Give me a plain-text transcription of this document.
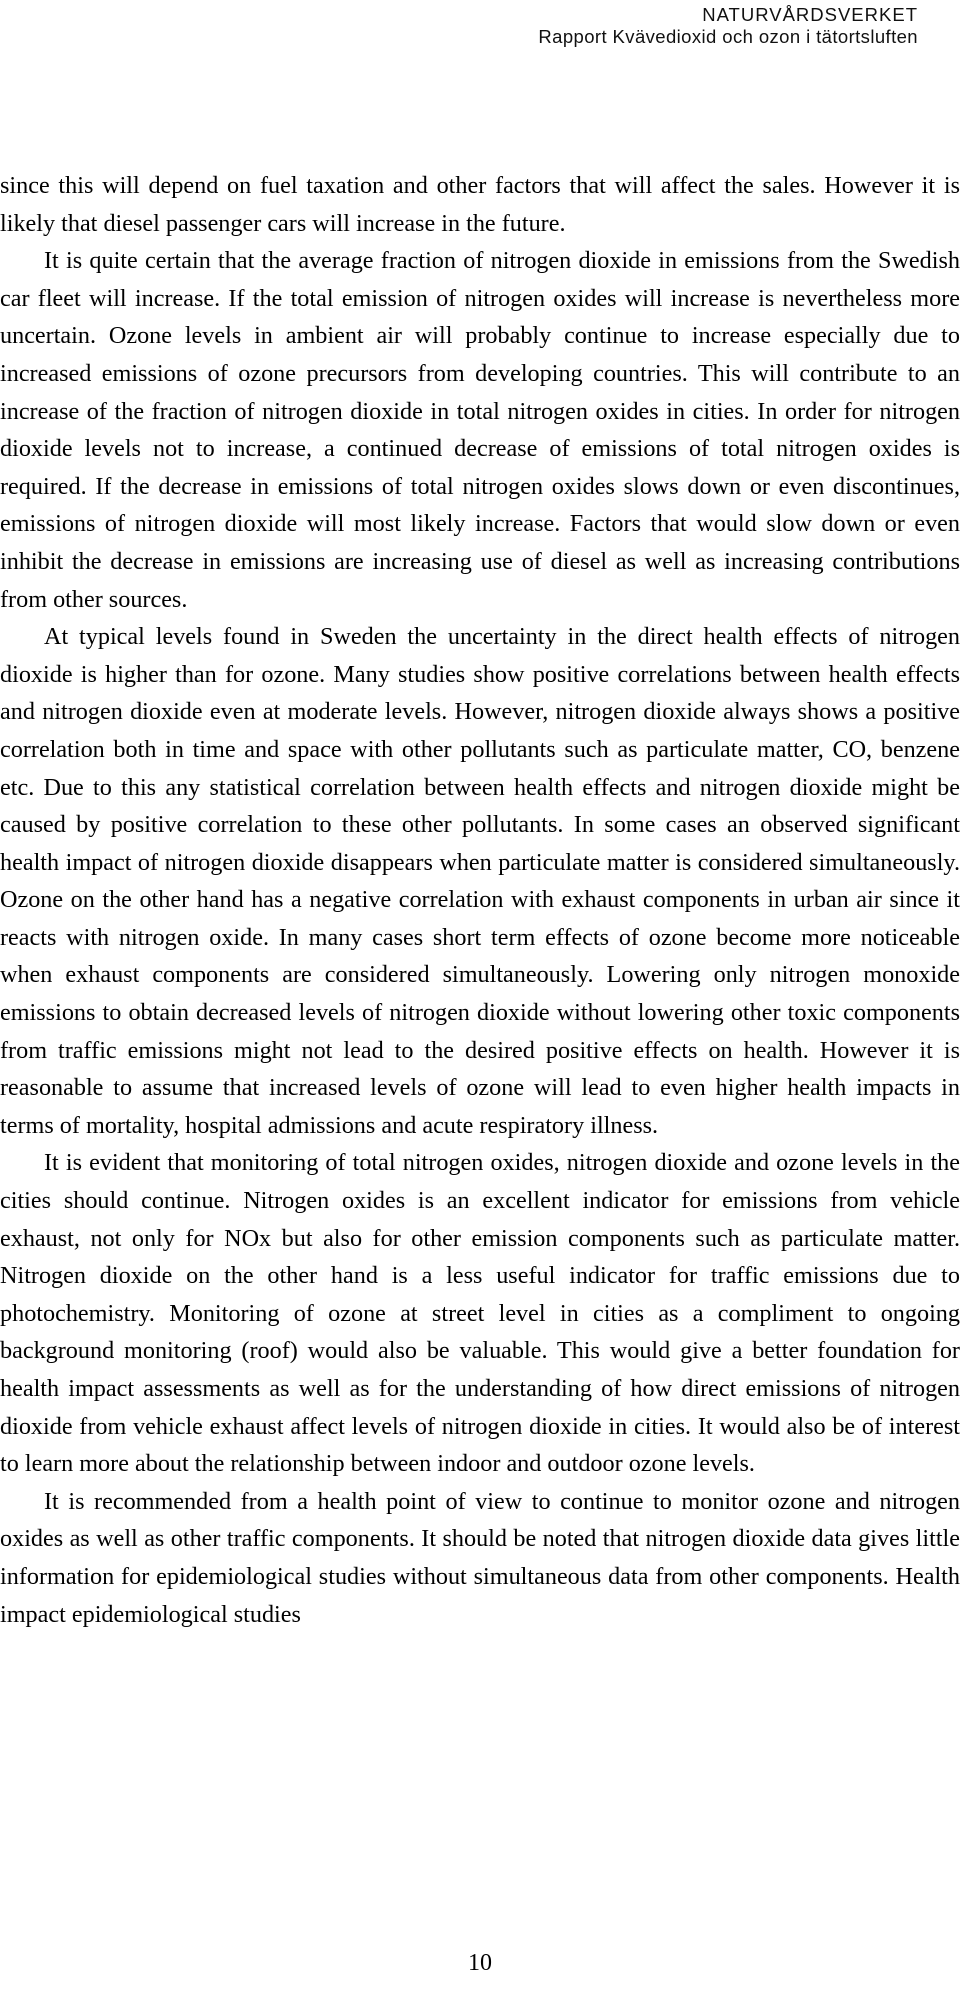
NATURVÅRDSVERKET
Rapport Kvävedioxid och ozon i tätortsluften

since this will depend on fuel taxation and other factors that will affect the sales. However it is likely that diesel passenger cars will increase in the future.

It is quite certain that the average fraction of nitrogen dioxide in emissions from the Swedish car fleet will increase. If the total emission of nitrogen oxides will increase is nevertheless more uncertain. Ozone levels in ambient air will probably continue to increase especially due to increased emissions of ozone precursors from developing countries. This will contribute to an increase of the fraction of nitrogen dioxide in total nitrogen oxides in cities. In order for nitrogen dioxide levels not to increase, a continued decrease of emissions of total nitrogen oxides is required. If the decrease in emissions of total nitrogen oxides slows down or even discontinues, emissions of nitrogen dioxide will most likely increase. Factors that would slow down or even inhibit the decrease in emissions are increasing use of diesel as well as increasing contributions from other sources.

At typical levels found in Sweden the uncertainty in the direct health effects of nitrogen dioxide is higher than for ozone. Many studies show positive correlations between health effects and nitrogen dioxide even at moderate levels. However, nitrogen dioxide always shows a positive correlation both in time and space with other pollutants such as particulate matter, CO, benzene etc. Due to this any statistical correlation between health effects and nitrogen dioxide might be caused by positive correlation to these other pollutants. In some cases an observed significant health impact of nitrogen dioxide disappears when particulate matter is considered simultaneously. Ozone on the other hand has a negative correlation with exhaust components in urban air since it reacts with nitrogen oxide. In many cases short term effects of ozone become more noticeable when exhaust components are considered simultaneously. Lowering only nitrogen monoxide emissions to obtain decreased levels of nitrogen dioxide without lowering other toxic components from traffic emissions might not lead to the desired positive effects on health. However it is reasonable to assume that increased levels of ozone will lead to even higher health impacts in terms of mortality, hospital admissions and acute respiratory illness.

It is evident that monitoring of total nitrogen oxides, nitrogen dioxide and ozone levels in the cities should continue. Nitrogen oxides is an excellent indicator for emissions from vehicle exhaust, not only for NOx but also for other emission components such as particulate matter. Nitrogen dioxide on the other hand is a less useful indicator for traffic emissions due to photochemistry. Monitoring of ozone at street level in cities as a compliment to ongoing background monitoring (roof) would also be valuable. This would give a better foundation for health impact assessments as well as for the understanding of how direct emissions of nitrogen dioxide from vehicle exhaust affect levels of nitrogen dioxide in cities. It would also be of interest to learn more about the relationship between indoor and outdoor ozone levels.

It is recommended from a health point of view to continue to monitor ozone and nitrogen oxides as well as other traffic components. It should be noted that nitrogen dioxide data gives little information for epidemiological studies without simultaneous data from other components. Health impact epidemiological studies

10
